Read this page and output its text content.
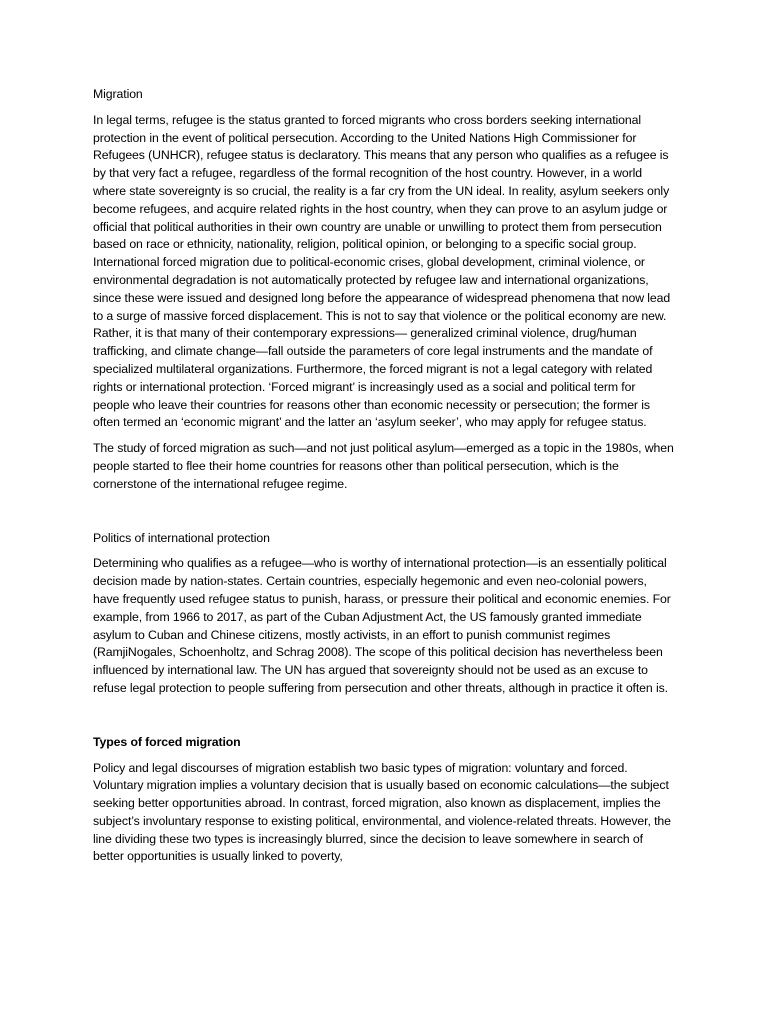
Migration

In legal terms, refugee is the status granted to forced migrants who cross borders seeking international protection in the event of political persecution. According to the United Nations High Commissioner for Refugees (UNHCR), refugee status is declaratory. This means that any person who qualifies as a refugee is by that very fact a refugee, regardless of the formal recognition of the host country. However, in a world where state sovereignty is so crucial, the reality is a far cry from the UN ideal. In reality, asylum seekers only become refugees, and acquire related rights in the host country, when they can prove to an asylum judge or official that political authorities in their own country are unable or unwilling to protect them from persecution based on race or ethnicity, nationality, religion, political opinion, or belonging to a specific social group. International forced migration due to political-economic crises, global development, criminal violence, or environmental degradation is not automatically protected by refugee law and international organizations, since these were issued and designed long before the appearance of widespread phenomena that now lead to a surge of massive forced displacement. This is not to say that violence or the political economy are new. Rather, it is that many of their contemporary expressions— generalized criminal violence, drug/human trafficking, and climate change—fall outside the parameters of core legal instruments and the mandate of specialized multilateral organizations. Furthermore, the forced migrant is not a legal category with related rights or international protection. ‘Forced migrant’ is increasingly used as a social and political term for people who leave their countries for reasons other than economic necessity or persecution; the former is often termed an ‘economic migrant’ and the latter an ‘asylum seeker’, who may apply for refugee status.

The study of forced migration as such—and not just political asylum—emerged as a topic in the 1980s, when people started to flee their home countries for reasons other than political persecution, which is the cornerstone of the international refugee regime.

Politics of international protection

Determining who qualifies as a refugee—who is worthy of international protection—is an essentially political decision made by nation-states. Certain countries, especially hegemonic and even neo-colonial powers, have frequently used refugee status to punish, harass, or pressure their political and economic enemies. For example, from 1966 to 2017, as part of the Cuban Adjustment Act, the US famously granted immediate asylum to Cuban and Chinese citizens, mostly activists, in an effort to punish communist regimes (RamjiNogales, Schoenholtz, and Schrag 2008). The scope of this political decision has nevertheless been influenced by international law. The UN has argued that sovereignty should not be used as an excuse to refuse legal protection to people suffering from persecution and other threats, although in practice it often is.

Types of forced migration

Policy and legal discourses of migration establish two basic types of migration: voluntary and forced. Voluntary migration implies a voluntary decision that is usually based on economic calculations—the subject seeking better opportunities abroad. In contrast, forced migration, also known as displacement, implies the subject’s involuntary response to existing political, environmental, and violence-related threats. However, the line dividing these two types is increasingly blurred, since the decision to leave somewhere in search of better opportunities is usually linked to poverty,
